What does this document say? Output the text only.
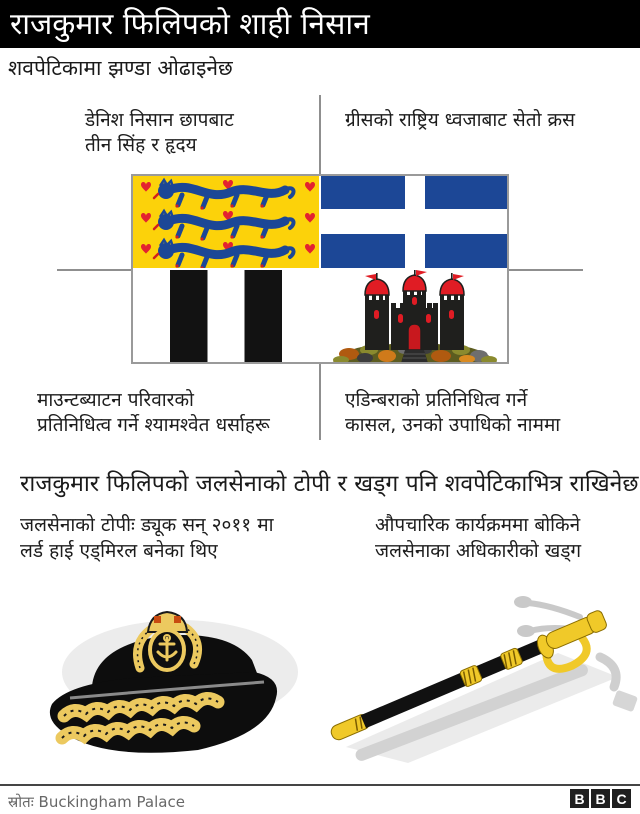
राजकुमार फिलिपको शाही निसान
शवपेटिकामा झण्डा ओढाइनेछ
डेनिश निसान छापबाट
तीन सिंह र हृदय
ग्रीसको राष्ट्रिय ध्वजाबाट सेतो क्रस
माउन्टब्याटन परिवारको
प्रतिनिधित्व गर्ने श्यामश्वेत धर्साहरू
एडिन्बराको प्रतिनिधित्व गर्ने
कासल, उनको उपाधिको नाममा
राजकुमार फिलिपको जलसेनाको टोपी र खड्ग पनि शवपेटिकाभित्र राखिनेछ
जलसेनाको टोपीः ड्यूक सन् २०११ मा
लर्ड हाई एड्मिरल बनेका थिए
औपचारिक कार्यक्रममा बोकिने
जलसेनाका अधिकारीको खड्ग
स्रोतः Buckingham Palace	B B C
